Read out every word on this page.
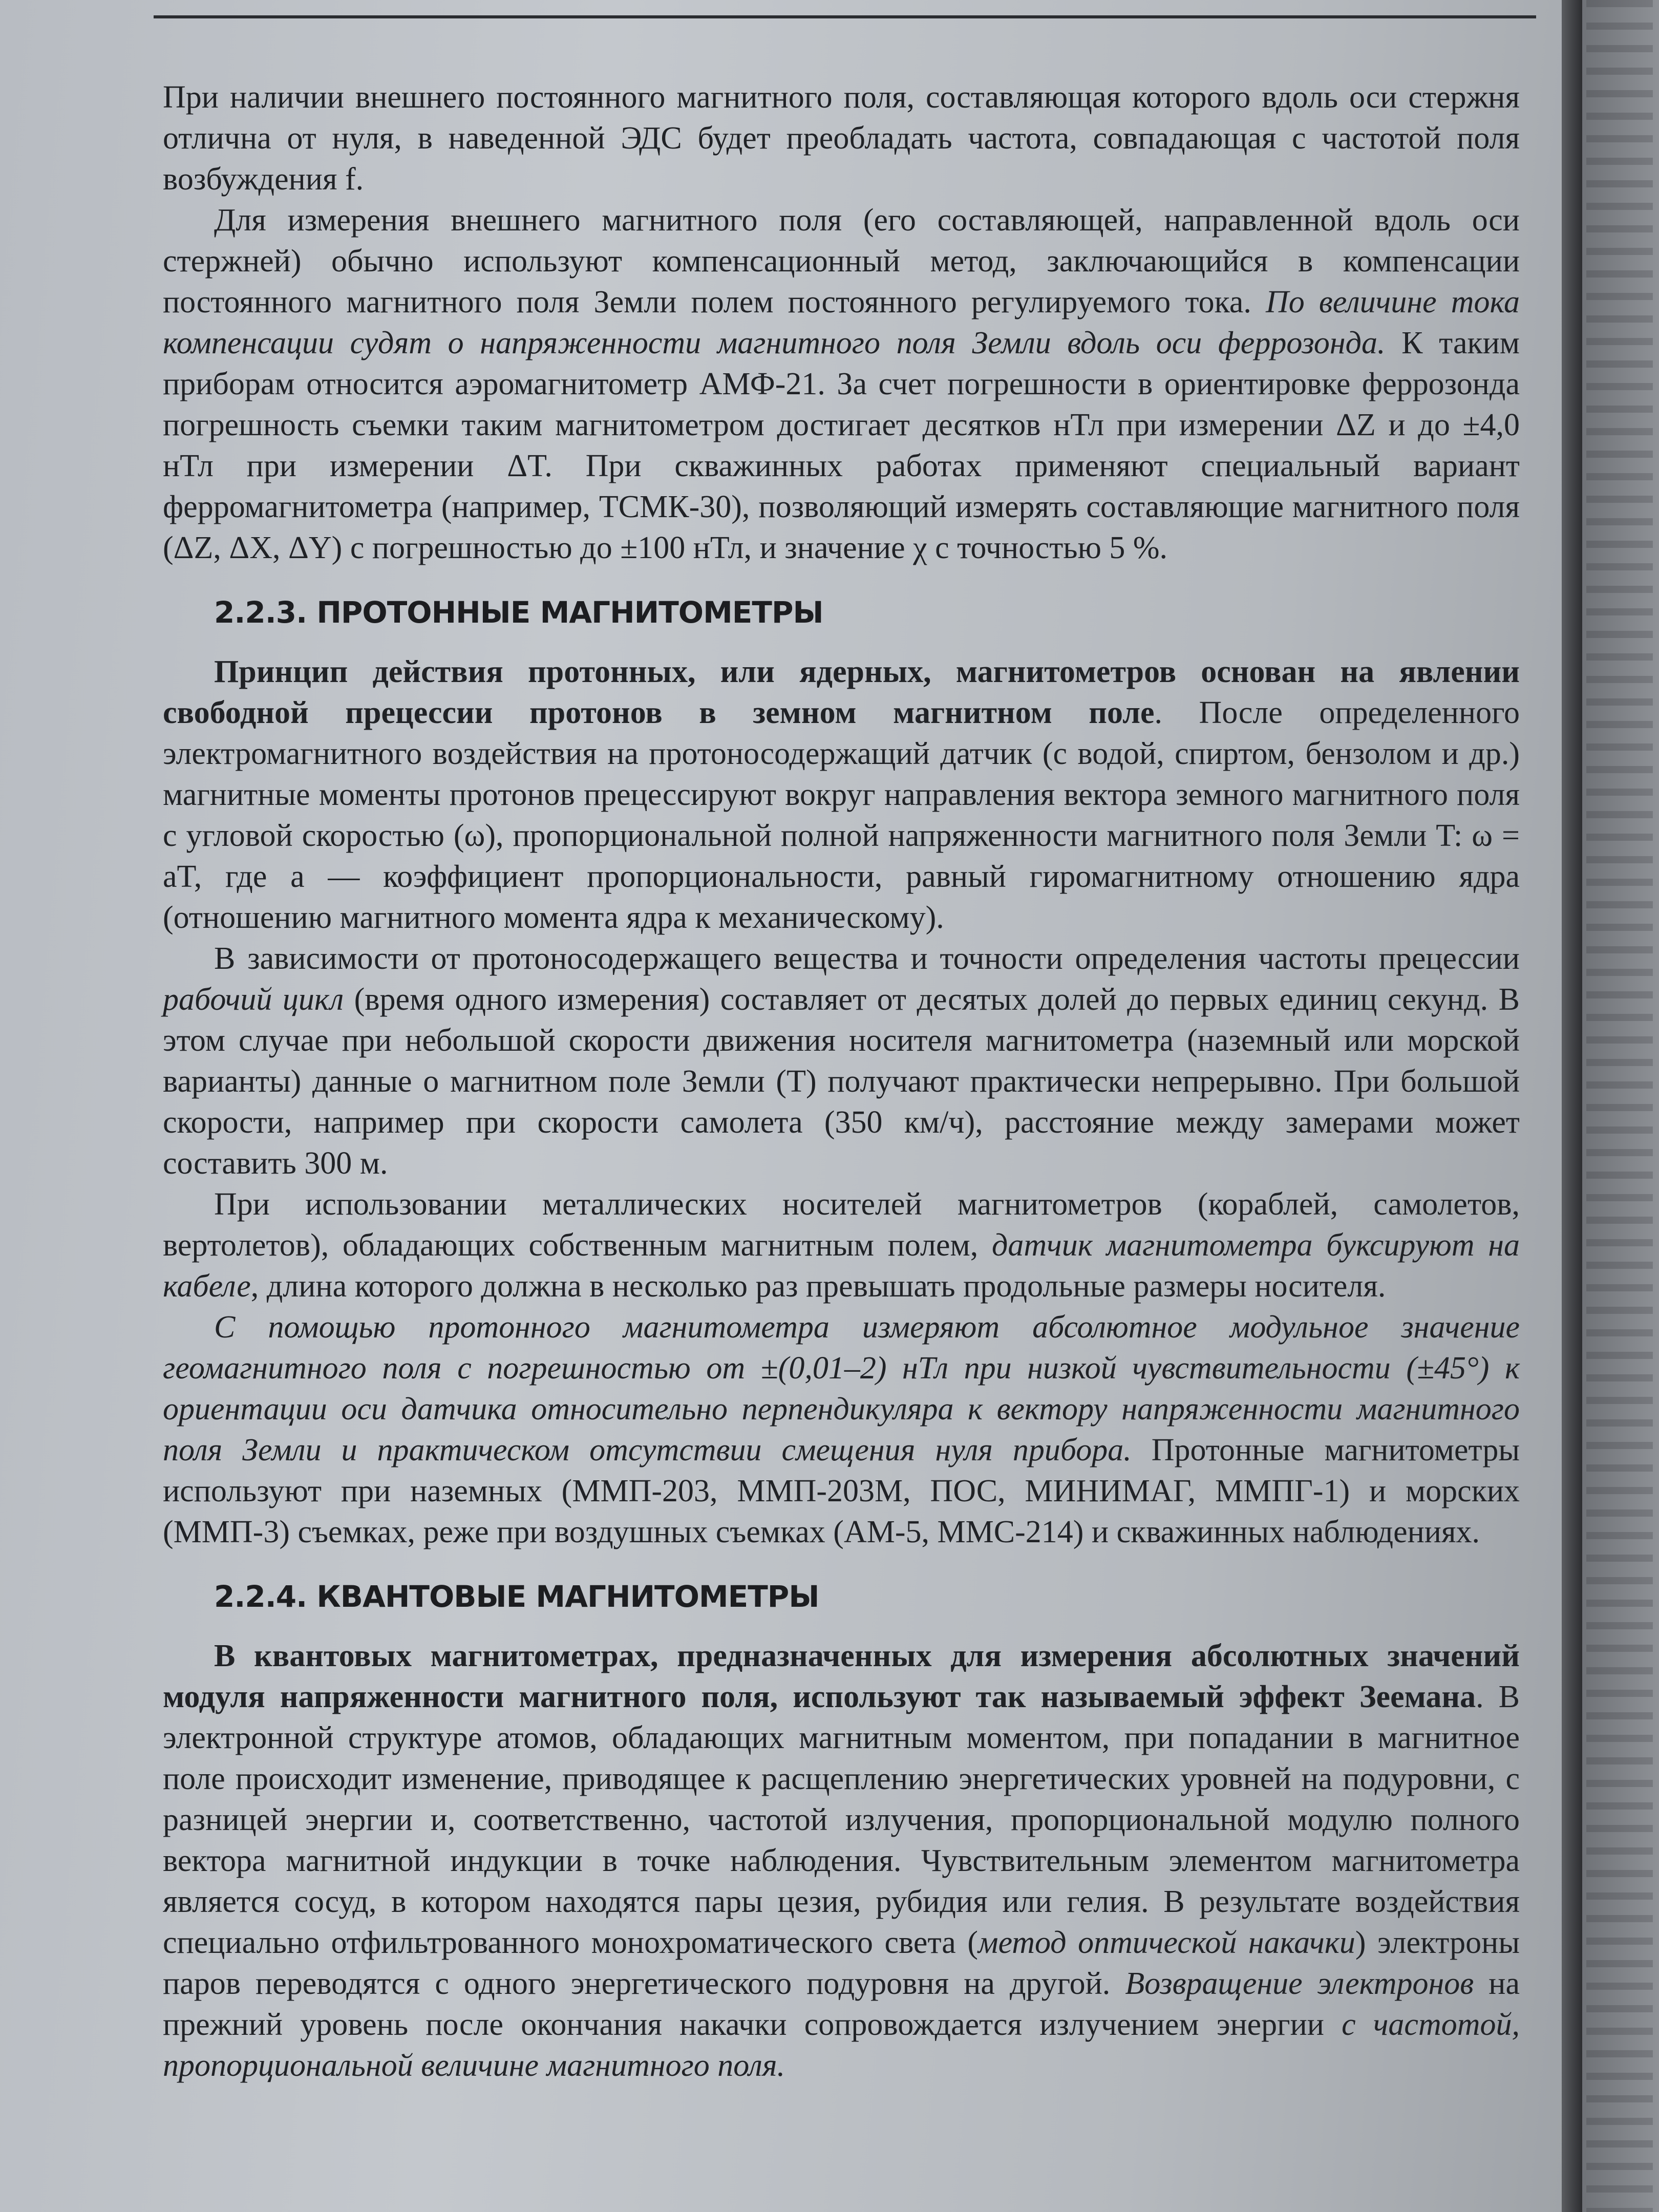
При наличии внешнего постоянного магнитного поля, составляющая которого вдоль оси стержня отлична от нуля, в наведенной ЭДС будет преобладать частота, совпадающая с частотой поля возбуждения f.

Для измерения внешнего магнитного поля (его составляющей, направленной вдоль оси стержней) обычно используют компенсационный метод, заключающийся в компенсации постоянного магнитного поля Земли полем постоянного регулируемого тока. По величине тока компенсации судят о напряженности магнитного поля Земли вдоль оси феррозонда. К таким приборам относится аэромагнитометр АМФ-21. За счет погрешности в ориентировке феррозонда погрешность съемки таким магнитометром достигает десятков нТл при измерении ΔZ и до ±4,0 нТл при измерении ΔT. При скважинных работах применяют специальный вариант ферромагнитометра (например, ТСМК-30), позволяющий измерять составляющие магнитного поля (ΔZ, ΔX, ΔY) с погрешностью до ±100 нТл, и значение χ с точностью 5 %.

2.2.3. ПРОТОННЫЕ МАГНИТОМЕТРЫ

Принцип действия протонных, или ядерных, магнитометров основан на явлении свободной прецессии протонов в земном магнитном поле. После определенного электромагнитного воздействия на протоносодержащий датчик (с водой, спиртом, бензолом и др.) магнитные моменты протонов прецессируют вокруг направления вектора земного магнитного поля с угловой скоростью (ω), пропорциональной полной напряженности магнитного поля Земли T: ω = aT, где a — коэффициент пропорциональности, равный гиромагнитному отношению ядра (отношению магнитного момента ядра к механическому).

В зависимости от протоносодержащего вещества и точности определения частоты прецессии рабочий цикл (время одного измерения) составляет от десятых долей до первых единиц секунд. В этом случае при небольшой скорости движения носителя магнитометра (наземный или морской варианты) данные о магнитном поле Земли (T) получают практически непрерывно. При большой скорости, например при скорости самолета (350 км/ч), расстояние между замерами может составить 300 м.

При использовании металлических носителей магнитометров (кораблей, самолетов, вертолетов), обладающих собственным магнитным полем, датчик магнитометра буксируют на кабеле, длина которого должна в несколько раз превышать продольные размеры носителя.

С помощью протонного магнитометра измеряют абсолютное модульное значение геомагнитного поля с погрешностью от ±(0,01–2) нТл при низкой чувствительности (±45°) к ориентации оси датчика относительно перпендикуляра к вектору напряженности магнитного поля Земли и практическом отсутствии смещения нуля прибора. Протонные магнитометры используют при наземных (ММП-203, ММП-203М, ПОС, МИНИМАГ, ММПГ-1) и морских (ММП-3) съемках, реже при воздушных съемках (АМ-5, ММС-214) и скважинных наблюдениях.

2.2.4. КВАНТОВЫЕ МАГНИТОМЕТРЫ

В квантовых магнитометрах, предназначенных для измерения абсолютных значений модуля напряженности магнитного поля, используют так называемый эффект Зеемана. В электронной структуре атомов, обладающих магнитным моментом, при попадании в магнитное поле происходит изменение, приводящее к расщеплению энергетических уровней на подуровни, с разницей энергии и, соответственно, частотой излучения, пропорциональной модулю полного вектора магнитной индукции в точке наблюдения. Чувствительным элементом магнитометра является сосуд, в котором находятся пары цезия, рубидия или гелия. В результате воздействия специально отфильтрованного монохроматического света (метод оптической накачки) электроны паров переводятся с одного энергетического подуровня на другой. Возвращение электронов на прежний уровень после окончания накачки сопровождается излучением энергии с частотой, пропорциональной величине магнитного поля.
